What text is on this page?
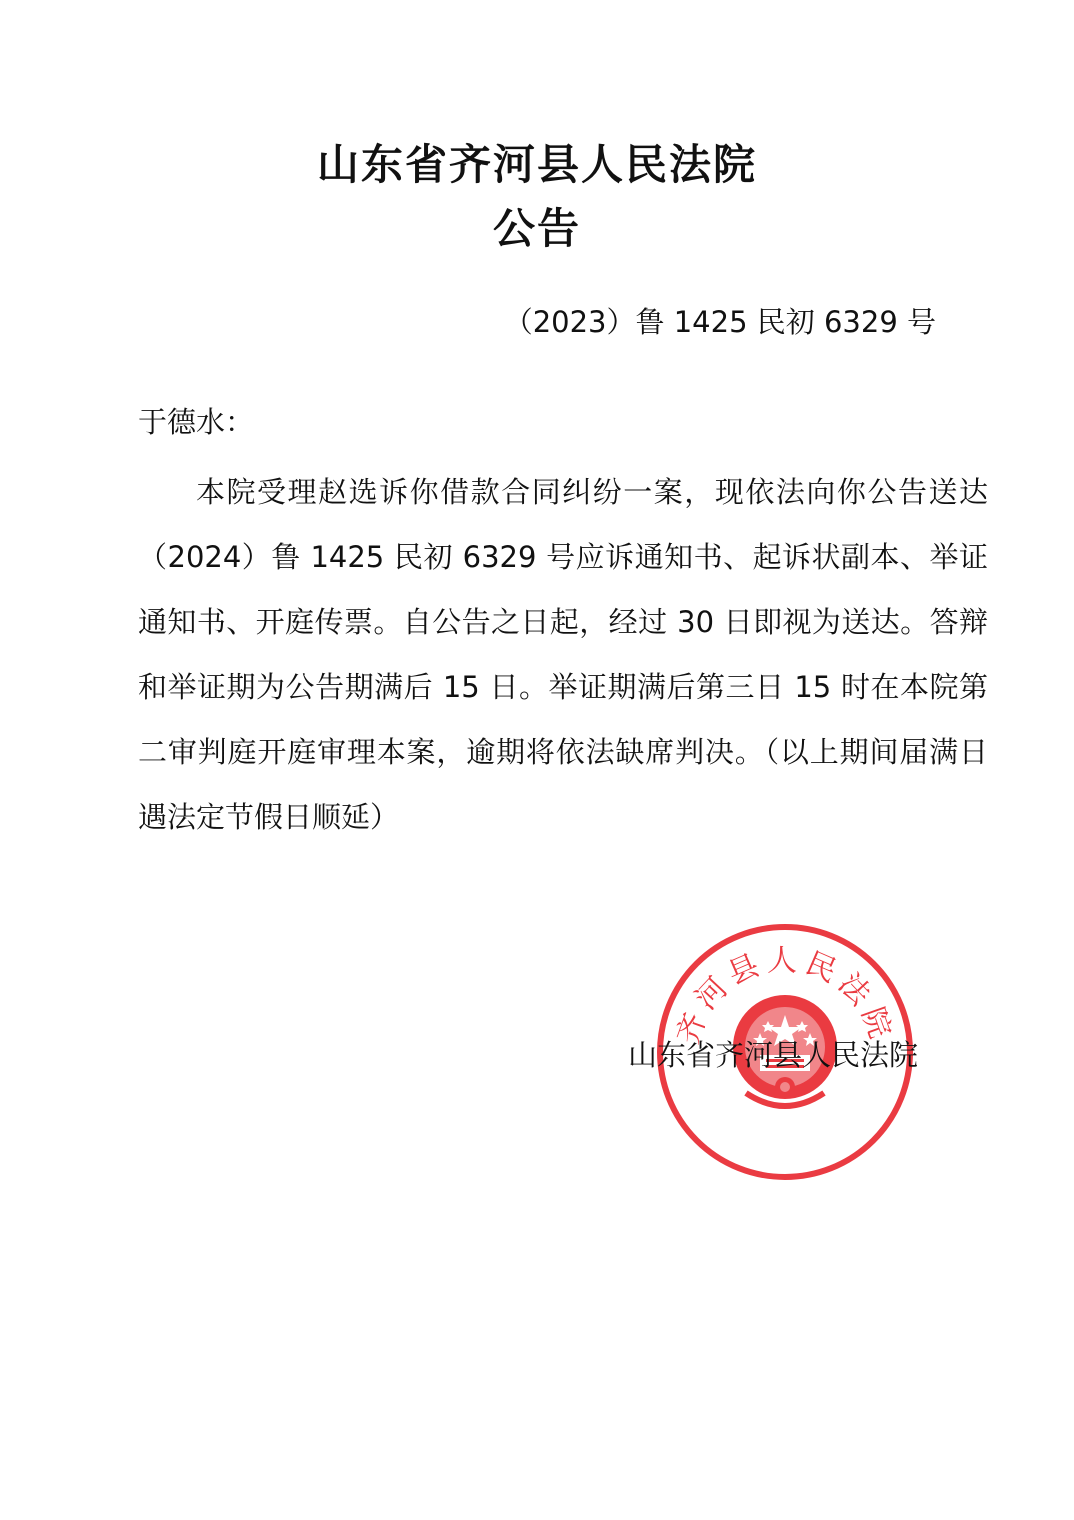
山东省齐河县人民法院
公告
（2023）鲁 1425 民初 6329 号
于德水：
本院受理赵选诉你借款合同纠纷一案，现依法向你公告送达（2024）鲁 1425 民初 6329 号应诉通知书、起诉状副本、举证通知书、开庭传票。自公告之日起，经过 30 日即视为送达。答辩和举证期为公告期满后 15 日。举证期满后第三日 15 时在本院第二审判庭开庭审理本案，逾期将依法缺席判决。（以上期间届满日遇法定节假日顺延）
齐河县人民法院
山东省齐河县人民法院
